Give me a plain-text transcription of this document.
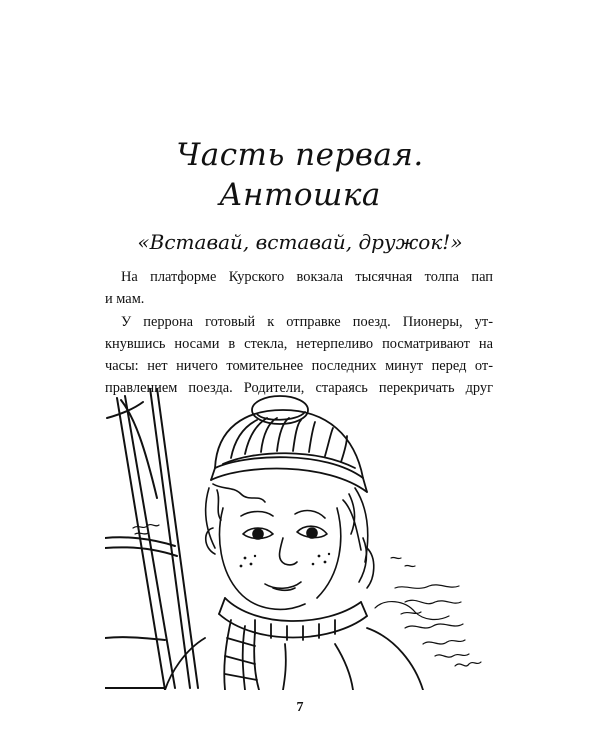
Часть первая.
Антошка
«Вставай, вставай, дружок!»

На платформе Курского вокзала тысячная толпа пап
и мам.

У перрона готовый к отправке поезд. Пионеры, ут-
кнувшись носами в стекла, нетерпеливо посматривают на
часы: нет ничего томительнее последних минут перед от-
правлением поезда. Родители, стараясь перекричать друг

7
